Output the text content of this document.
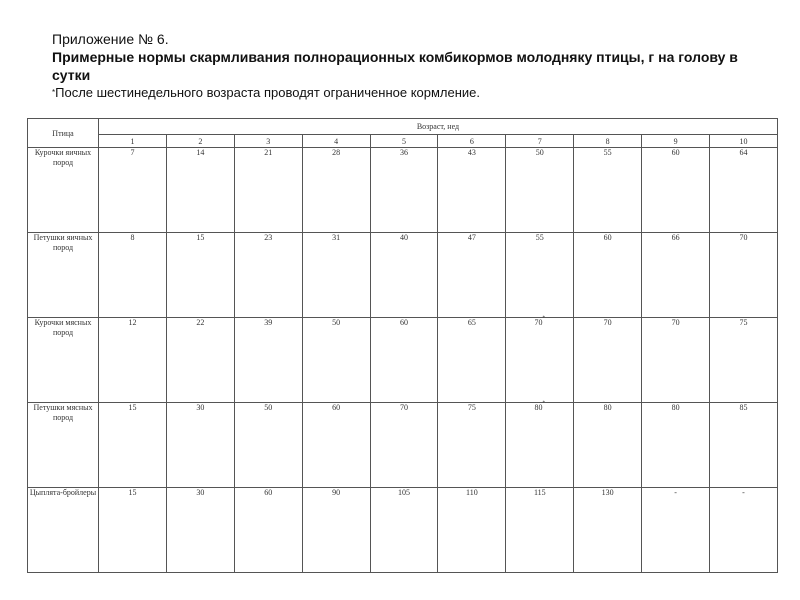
Приложение № 6.

Примерные нормы скармливания полнорационных комбикормов молодняку птицы, г на голову в сутки

*После шестинедельного возраста проводят ограниченное кормление.

Птица	Возраст, нед									
	1	2	3	4	5	6	7	8	9	10
Курочки яичных пород	7	14	21	28	36	43	50	55	60	64
Петушки яичных пород	8	15	23	31	40	47	55	60	66	70
Курочки мясных пород	12	22	39	50	60	65	70*	70	70	75
Петушки мясных пород	15	30	50	60	70	75	80*	80	80	85
Цыплята-бройлеры	15	30	60	90	105	110	115	130	-	-
